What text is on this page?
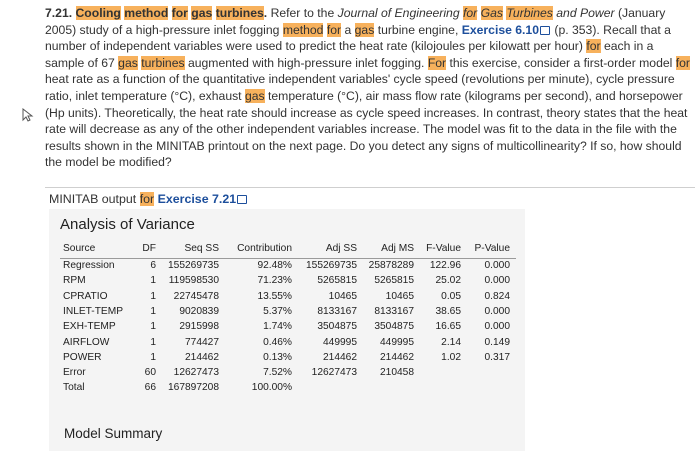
7.21. Cooling method for gas turbines. Refer to the Journal of Engineering for Gas Turbines and Power (January 2005) study of a high-pressure inlet fogging method for a gas turbine engine, Exercise 6.10 (p. 353). Recall that a number of independent variables were used to predict the heat rate (kilojoules per kilowatt per hour) for each in a sample of 67 gas turbines augmented with high-pressure inlet fogging. For this exercise, consider a first-order model for heat rate as a function of the quantitative independent variables' cycle speed (revolutions per minute), cycle pressure ratio, inlet temperature (°C), exhaust gas temperature (°C), air mass flow rate (kilograms per second), and horsepower (Hp units). Theoretically, the heat rate should increase as cycle speed increases. In contrast, theory states that the heat rate will decrease as any of the other independent variables increase. The model was fit to the data in the file with the results shown in the MINITAB printout on the next page. Do you detect any signs of multicollinearity? If so, how should the model be modified?
MINITAB output for Exercise 7.21
Analysis of Variance
Source	DF	Seq SS Contribution	Adj SS Adj MS F-Value P-Value
Regression	6 155269735	92.48% 155269735 25878289 122.96 0.000
RPM	1 119598530	71.23% 5265815 5265815 25.02 0.000
CPRATIO	1 22745478	13.55%	10465	10465	0.05 0.824
INLET-TEMP	1 9020839	5.37% 8133167 8133167 38.65 0.000
EXH-TEMP	1 2915998	1.74% 3504875 3504875 16.65 0.000
AIRFLOW	1	774427	0.46%	449995 449995	2.14 0.149
POWER	1	214462	0.13%	214462 214462	1.02 0.317
Error	60 12627473	7.52% 12627473 210458
Total	66 167897208	100.00%
Model Summary
